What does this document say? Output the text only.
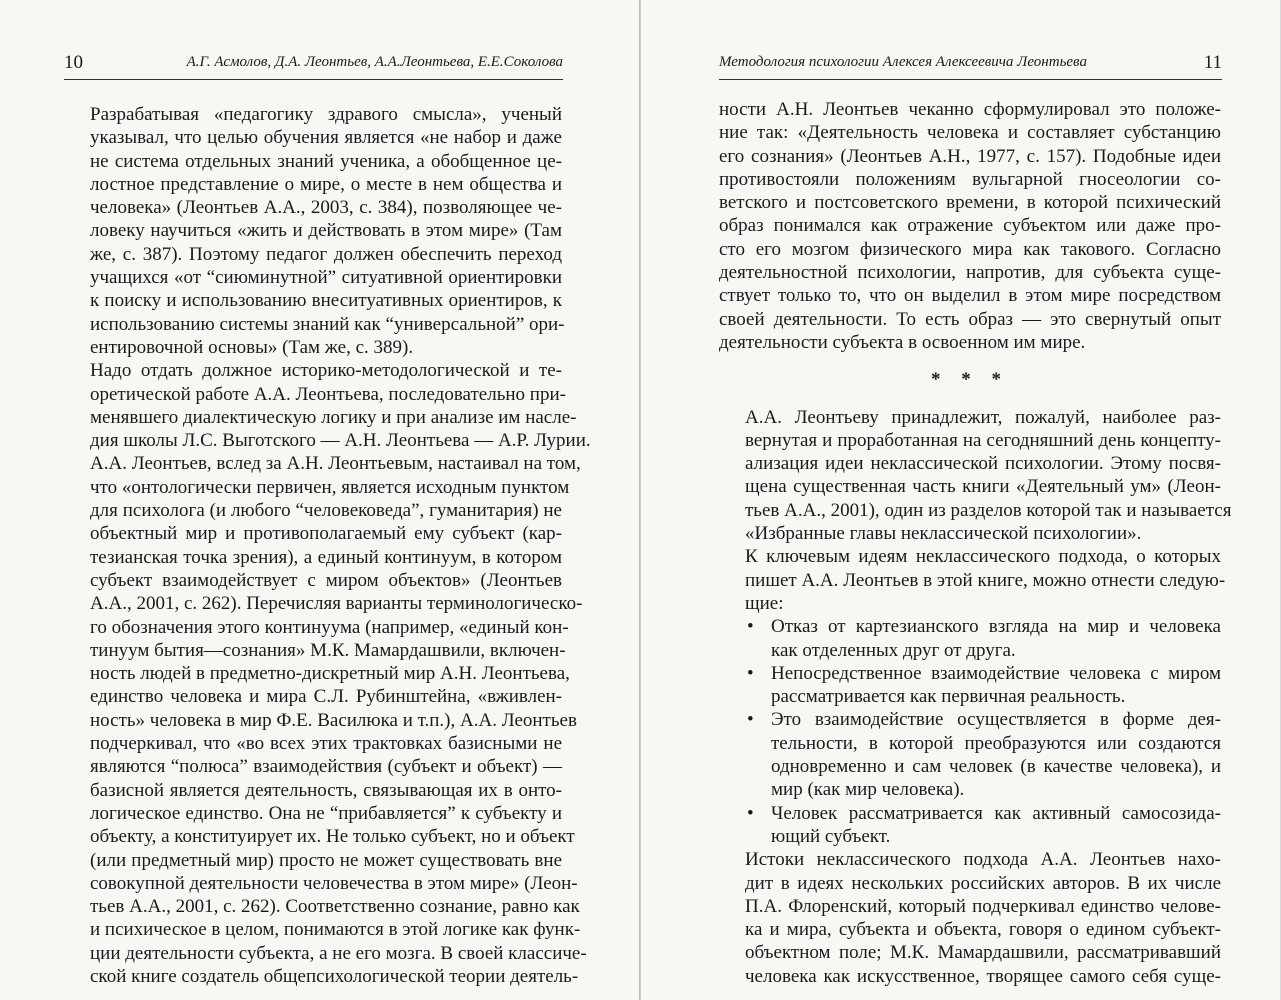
10	А.Г. Асмолов, Д.А. Леонтьев, А.А.Леонтьева, Е.Е.Соколова

Разрабатывая «педагогику здравого смысла», ученый
указывал, что целью обучения является «не набор и даже
не система отдельных знаний ученика, а обобщенное це-
лостное представление о мире, о месте в нем общества и
человека» (Леонтьев А.А., 2003, с. 384), позволяющее че-
ловеку научиться «жить и действовать в этом мире» (Там
же, с. 387). Поэтому педагог должен обеспечить переход
учащихся «от “сиюминутной” ситуативной ориентировки
к поиску и использованию внеситуативных ориентиров, к
использованию системы знаний как “универсальной” ори-
ентировочной основы» (Там же, с. 389).

Надо отдать должное историко-методологической и те-
оретической работе А.А. Леонтьева, последовательно при-
менявшего диалектическую логику и при анализе им насле-
дия школы Л.С. Выготского — А.Н. Леонтьева — А.Р. Лурии.
А.А. Леонтьев, вслед за А.Н. Леонтьевым, настаивал на том,
что «онтологически первичен, является исходным пунктом
для психолога (и любого “человековеда”, гуманитария) не
объектный мир и противополагаемый ему субъект (кар-
тезианская точка зрения), а единый континуум, в котором
субъект взаимодействует с миром объектов» (Леонтьев
А.А., 2001, с. 262). Перечисляя варианты терминологическо-
го обозначения этого континуума (например, «единый кон-
тинуум бытия—сознания» М.К. Мамардашвили, включен-
ность людей в предметно-дискретный мир А.Н. Леонтьева,
единство человека и мира С.Л. Рубинштейна, «вживлен-
ность» человека в мир Ф.Е. Василюка и т.п.), А.А. Леонтьев
подчеркивал, что «во всех этих трактовках базисными не
являются “полюса” взаимодействия (субъект и объект) —
базисной является деятельность, связывающая их в онто-
логическое единство. Она не “прибавляется” к субъекту и
объекту, а конституирует их. Не только субъект, но и объект
(или предметный мир) просто не может существовать вне
совокупной деятельности человечества в этом мире» (Леон-
тьев А.А., 2001, с. 262). Соответственно сознание, равно как
и психическое в целом, понимаются в этой логике как функ-
ции деятельности субъекта, а не его мозга. В своей классиче-
ской книге создатель общепсихологической теории деятель-

Методология психологии Алексея Алексеевича Леонтьева	11

ности А.Н. Леонтьев чеканно сформулировал это положе-
ние так: «Деятельность человека и составляет субстанцию
его сознания» (Леонтьев А.Н., 1977, с. 157). Подобные идеи
противостояли положениям вульгарной гносеологии со-
ветского и постсоветского времени, в которой психический
образ понимался как отражение субъектом или даже про-
сто его мозгом физического мира как такового. Согласно
деятельностной психологии, напротив, для субъекта суще-
ствует только то, что он выделил в этом мире посредством
своей деятельности. То есть образ — это свернутый опыт
деятельности субъекта в освоенном им мире.

* * *

А.А. Леонтьеву принадлежит, пожалуй, наиболее раз-
вернутая и проработанная на сегодняшний день концепту-
ализация идеи неклассической психологии. Этому посвя-
щена существенная часть книги «Деятельный ум» (Леон-
тьев А.А., 2001), один из разделов которой так и называется
«Избранные главы неклассической психологии».

К ключевым идеям неклассического подхода, о которых
пишет А.А. Леонтьев в этой книге, можно отнести следую-
щие:

• Отказ от картезианского взгляда на мир и человека
как отделенных друг от друга.
• Непосредственное взаимодействие человека с миром
рассматривается как первичная реальность.
• Это взаимодействие осуществляется в форме дея-
тельности, в которой преобразуются или создаются
одновременно и сам человек (в качестве человека), и
мир (как мир человека).
• Человек рассматривается как активный самосозида-
ющий субъект.

Истоки неклассического подхода А.А. Леонтьев нахо-
дит в идеях нескольких российских авторов. В их числе
П.А. Флоренский, который подчеркивал единство челове-
ка и мира, субъекта и объекта, говоря о едином субъект-
объектном поле; М.К. Мамардашвили, рассматривавший
человека как искусственное, творящее самого себя суще-
